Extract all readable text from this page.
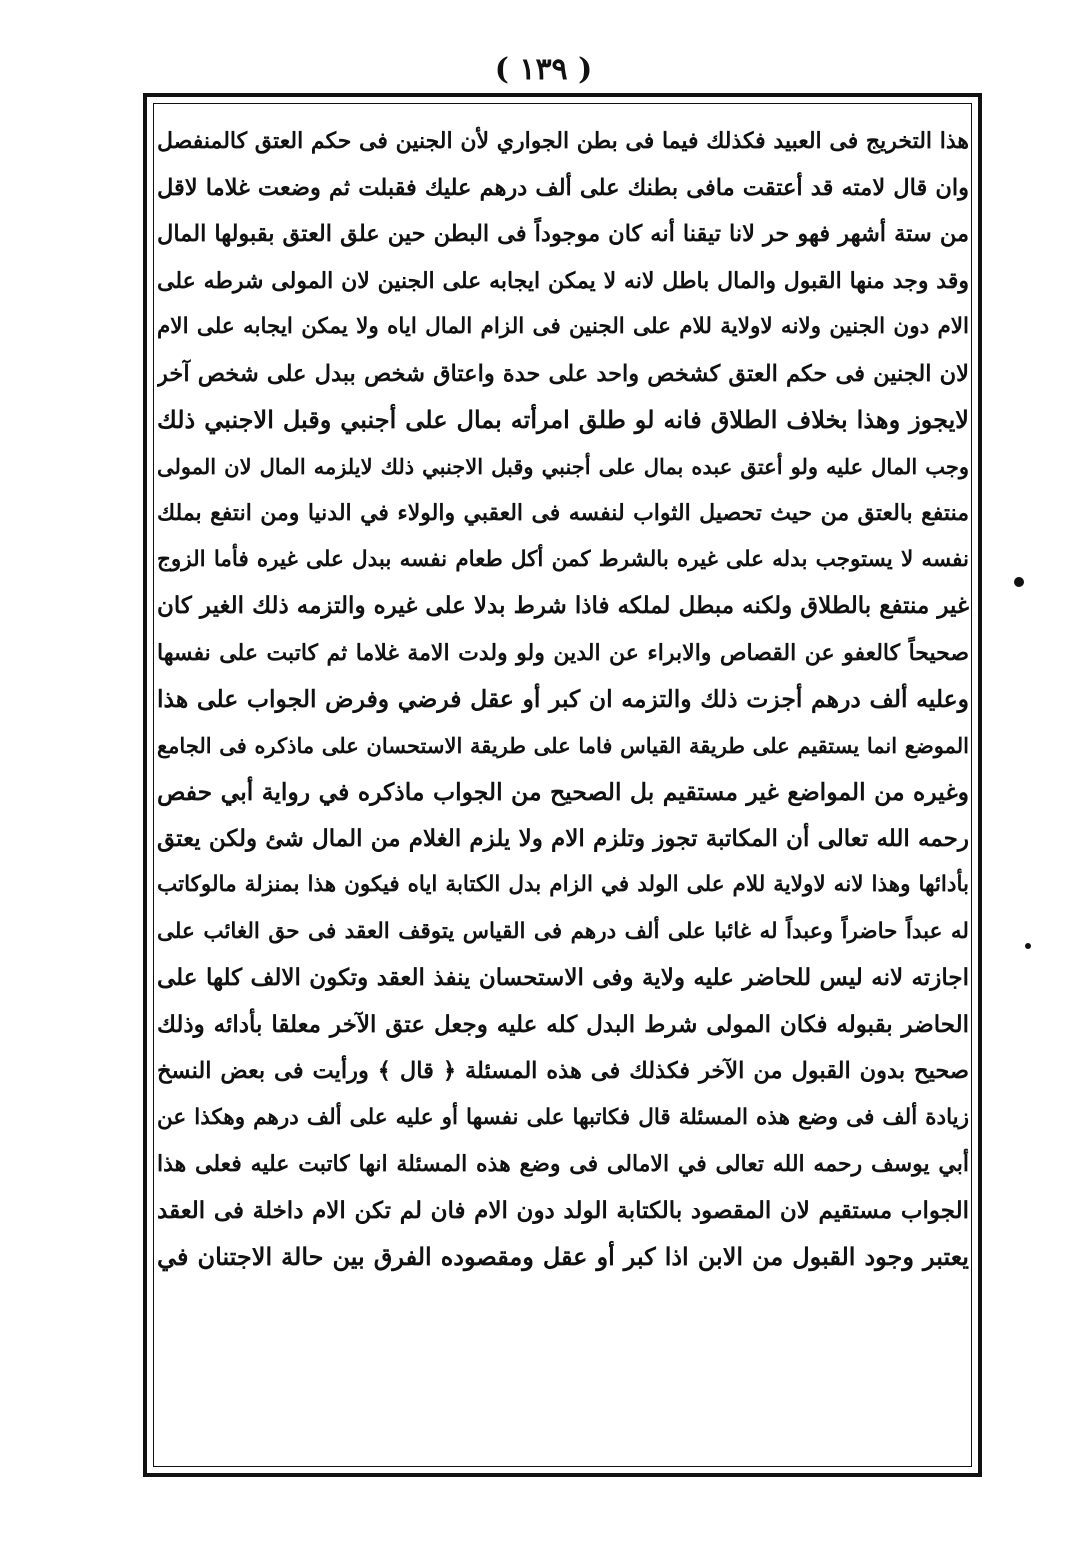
( ١٣٩ )
هذا التخريج فى العبيد فكذلك فيما فى بطن الجواري لأن الجنين فى حكم العتق كالمنفصل
وان قال لامته قد أعتقت مافى بطنك على ألف درهم عليك فقبلت ثم وضعت غلاما لاقل
من ستة أشهر فهو حر لانا تيقنا أنه كان موجوداً فى البطن حين علق العتق بقبولها المال
وقد وجد منها القبول والمال باطل لانه لا يمكن ايجابه على الجنين لان المولى شرطه على
الام دون الجنين ولانه لاولاية للام على الجنين فى الزام المال اياه ولا يمكن ايجابه على الام
لان الجنين فى حكم العتق كشخص واحد على حدة واعتاق شخص ببدل على شخص آخر
لايجوز وهذا بخلاف الطلاق فانه لو طلق امرأته بمال على أجنبي وقبل الاجنبي ذلك
وجب المال عليه ولو أعتق عبده بمال على أجنبي وقبل الاجنبي ذلك لايلزمه المال لان المولى
منتفع بالعتق من حيث تحصيل الثواب لنفسه فى العقبي والولاء في الدنيا ومن انتفع بملك
نفسه لا يستوجب بدله على غيره بالشرط كمن أكل طعام نفسه ببدل على غيره فأما الزوج
غير منتفع بالطلاق ولكنه مبطل لملكه فاذا شرط بدلا على غيره والتزمه ذلك الغير كان
صحيحاً كالعفو عن القصاص والابراء عن الدين ولو ولدت الامة غلاما ثم كاتبت على نفسها
وعليه ألف درهم أجزت ذلك والتزمه ان كبر أو عقل فرضي وفرض الجواب على هذا
الموضع انما يستقيم على طريقة القياس فاما على طريقة الاستحسان على ماذكره فى الجامع
وغيره من المواضع غير مستقيم بل الصحيح من الجواب ماذكره في رواية أبي حفص
رحمه الله تعالى أن المكاتبة تجوز وتلزم الام ولا يلزم الغلام من المال شئ ولكن يعتق
بأدائها وهذا لانه لاولاية للام على الولد في الزام بدل الكتابة اياه فيكون هذا بمنزلة مالوكاتب
له عبداً حاضراً وعبداً له غائبا على ألف درهم فى القياس يتوقف العقد فى حق الغائب على
اجازته لانه ليس للحاضر عليه ولاية وفى الاستحسان ينفذ العقد وتكون الالف كلها على
الحاضر بقبوله فكان المولى شرط البدل كله عليه وجعل عتق الآخر معلقا بأدائه وذلك
صحيح بدون القبول من الآخر فكذلك فى هذه المسئلة ﴿ قال ﴾ ورأيت فى بعض النسخ
زيادة ألف فى وضع هذه المسئلة قال فكاتبها على نفسها أو عليه على ألف درهم وهكذا عن
أبي يوسف رحمه الله تعالى في الامالى فى وضع هذه المسئلة انها كاتبت عليه فعلى هذا
الجواب مستقيم لان المقصود بالكتابة الولد دون الام فان لم تكن الام داخلة فى العقد
يعتبر وجود القبول من الابن اذا كبر أو عقل ومقصوده الفرق بين حالة الاجتنان في
